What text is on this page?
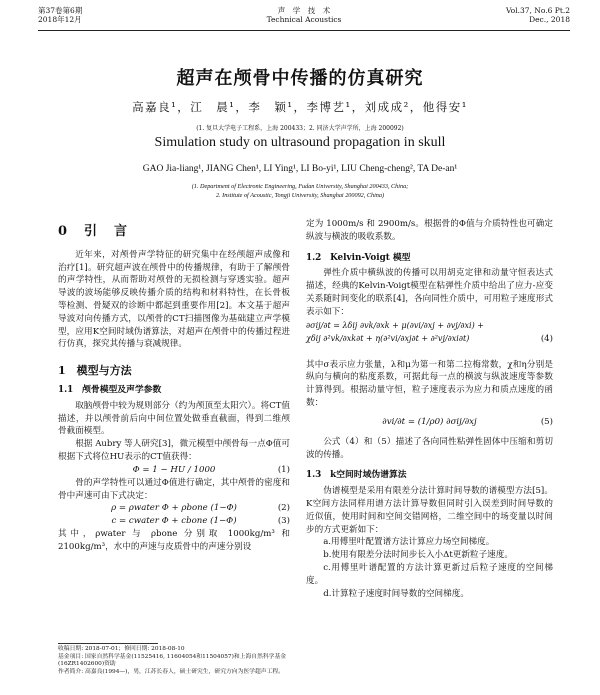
第37卷第6期
2018年12月
声　学　技　术
Technical Acoustics
Vol.37, No.6 Pt.2
Dec., 2018
超声在颅骨中传播的仿真研究
高嘉良¹，江　晨¹，李　颖¹，李博艺¹，刘成成²，他得安¹
(1. 复旦大学电子工程系，上海 200433；2. 同济大学声学所，上海 200092)
Simulation study on ultrasound propagation in skull
GAO Jia-liang¹, JIANG Chen¹, LI Ying¹, LI Bo-yi¹, LIU Cheng-cheng², TA De-an¹
(1. Department of Electronic Engineering, Fudan University, Shanghai 200433, China;
2. Institute of Acoustic, Tongji University, Shanghai 200092, China)
0　引　言
近年来，对颅骨声学特征的研究集中在经颅超声成像和治疗[1]。研究超声波在颅骨中的传播规律，有助于了解颅骨的声学特性，从而帮助对颅骨的无损检测与穿透实验。超声导波的波场能够反映传播介质的结构和材料特性，在长骨板等检测、骨疑双的诊断中都起到重要作用[2]。本文基于超声导波对向传播方式，以颅骨的CT扫描图像为基础建立声学模型，应用K空间时域伪谱算法，对超声在颅骨中的传播过程进行仿真，探究其传播与衰减规律。
1　模型与方法
1.1　颅骨模型及声学参数
取脑颅骨中较为规则部分（约为颅顶至太阳穴）。将CT值描述，并以颅骨前后向中间位置处做垂直截面，得到二维颅骨截面模型。
根据 Aubry 等人研究[3]，微元模型中颅骨每一点Φ值可根据下式将位HU表示的CT值获得：
Φ = 1 − HU / 1000	(1)
骨的声学特性可以通过Φ值进行确定，其中颅骨的密度和骨中声速可由下式决定：
ρ = ρwater Φ + ρbone (1−Φ)	(2)
c = cwater Φ + cbone (1−Φ)	(3)
其中，ρwater 与 ρbone 分别取 1000kg/m³ 和 2100kg/m³，水中的声速与皮质骨中的声速分别设
收稿日期: 2018-07-01；修回日期: 2018-08-10
基金项目: 国家自然科学基金(11525416, 11604054和11504057)和上海自然科学基金(16ZR1402600)资助
作者简介: 高嘉良(1994—)，男，江苏长春人，硕士研究生，研究方向为医学超声工程。
定为 1000m/s 和 2900m/s。根据骨的Φ值与介质特性也可确定纵波与横波的吸收系数。
1.2　Kelvin-Voigt 模型
弹性介质中横纵波的传播可以用胡克定律和动量守恒表达式描述，经典的Kelvin-Voigt模型在粘弹性介质中给出了应力-应变关系随时间变化的联系[4]，各向同性介质中，可用粒子速度形式表示如下：
∂σij/∂t = λδij ∂vk/∂xk + μ(∂vi/∂xj + ∂vj/∂xi) +
χδij ∂²vk/∂xk∂t + η(∂²vi/∂xj∂t + ∂²vj/∂xi∂t)	(4)
其中σ表示应力张量，λ和μ为第一和第二拉梅常数，χ和η分别是纵向与横向的粘度系数，可据此每一点的横波与纵波速度等参数计算得到。根据动量守恒，粒子速度表示为应力和质点速度的函数：
∂vi/∂t = (1/ρ0) ∂σij/∂xj	(5)
公式（4）和（5）描述了各向同性粘弹性固体中压缩和剪切波的传播。
1.3　k空间时域伪谱算法
伪谱模型是采用有限差分法计算时间导数的谱模型方法[5]。K空间方法同样用谱方法计算导数但同时引入误差到时间导数的近似值，使用时间和空间交错网格，二维空间中的场变量以时间步的方式更新如下：
a.用傅里叶配置谱方法计算应力场空间梯度。
b.使用有限差分法时间步长入小Δt更新粒子速度。
c.用傅里叶谱配置的方法计算更新过后粒子速度的空间梯度。
d.计算粒子速度时间导数的空间梯度。
